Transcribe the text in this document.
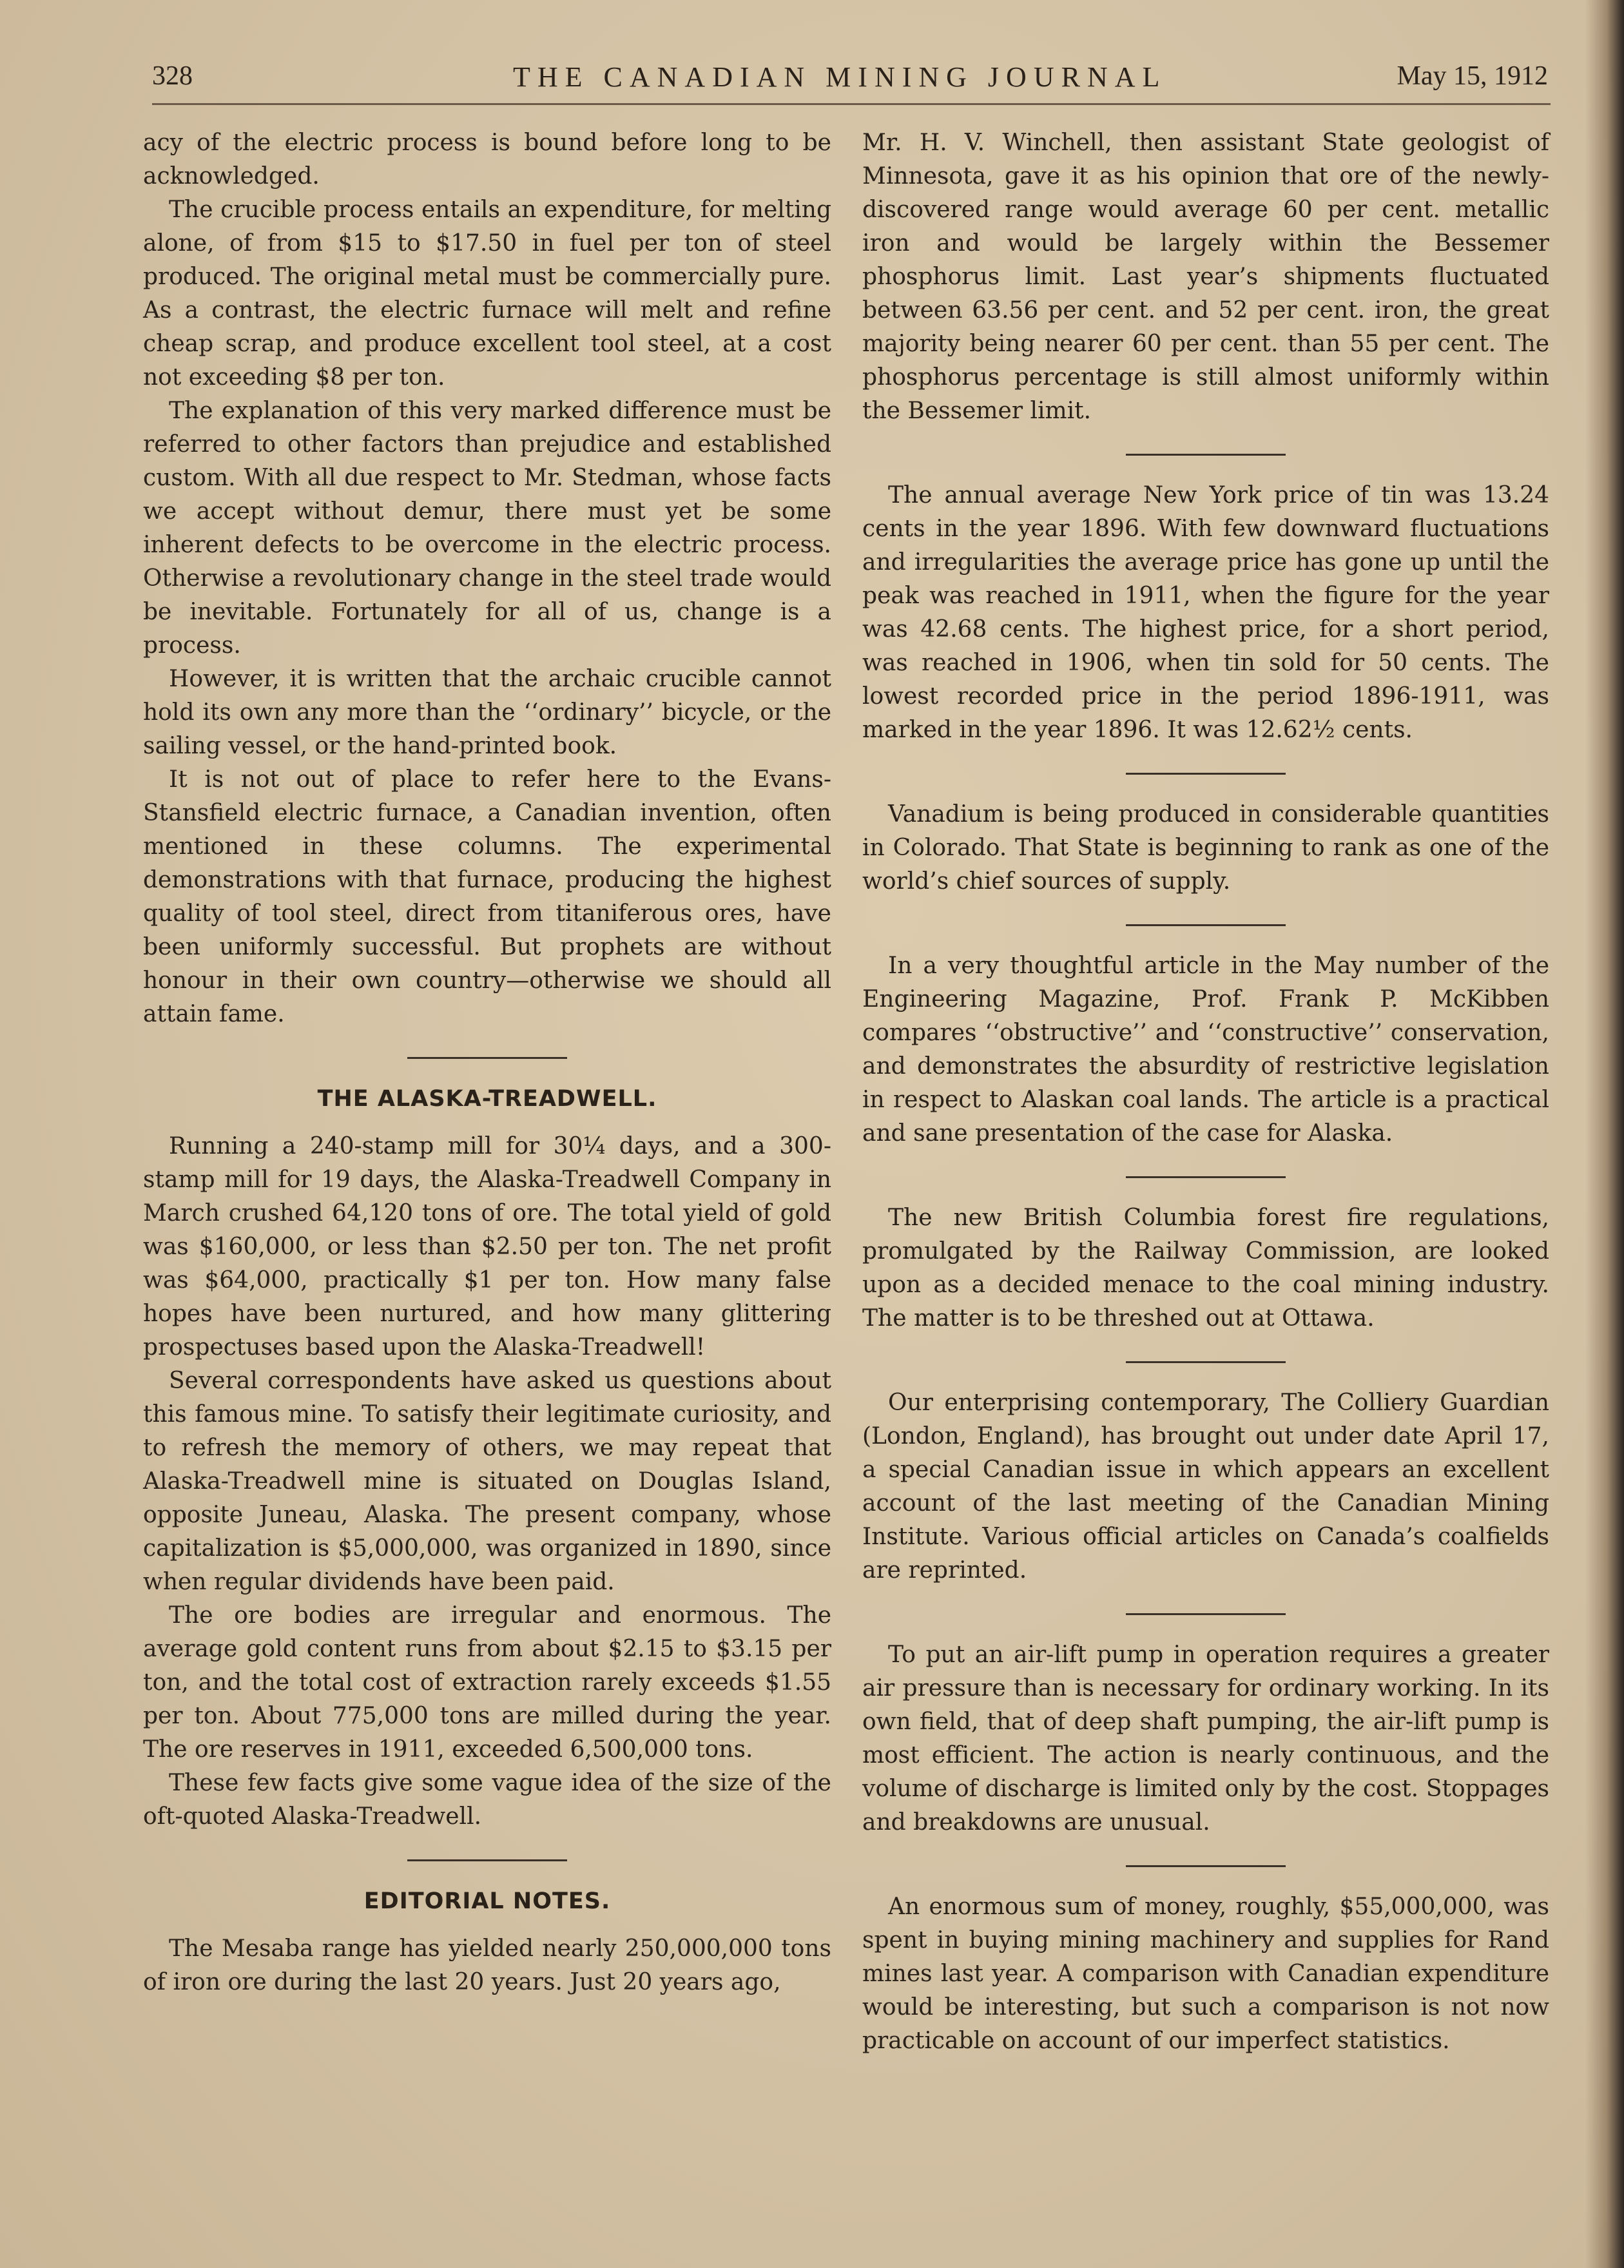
328	THE CANADIAN MINING JOURNAL	May 15, 1912

acy of the electric process is bound before long to be acknowledged.

The crucible process entails an expenditure, for melting alone, of from $15 to $17.50 in fuel per ton of steel produced. The original metal must be commercially pure. As a contrast, the electric furnace will melt and refine cheap scrap, and produce excellent tool steel, at a cost not exceeding $8 per ton.

The explanation of this very marked difference must be referred to other factors than prejudice and established custom. With all due respect to Mr. Stedman, whose facts we accept without demur, there must yet be some inherent defects to be overcome in the electric process. Otherwise a revolutionary change in the steel trade would be inevitable. Fortunately for all of us, change is a process.

However, it is written that the archaic crucible cannot hold its own any more than the ‘‘ordinary’’ bicycle, or the sailing vessel, or the hand-printed book.

It is not out of place to refer here to the Evans-Stansfield electric furnace, a Canadian invention, often mentioned in these columns. The experimental demonstrations with that furnace, producing the highest quality of tool steel, direct from titaniferous ores, have been uniformly successful. But prophets are without honour in their own country—otherwise we should all attain fame.

THE ALASKA-TREADWELL.

Running a 240-stamp mill for 30¼ days, and a 300-stamp mill for 19 days, the Alaska-Treadwell Company in March crushed 64,120 tons of ore. The total yield of gold was $160,000, or less than $2.50 per ton. The net profit was $64,000, practically $1 per ton. How many false hopes have been nurtured, and how many glittering prospectuses based upon the Alaska-Treadwell!

Several correspondents have asked us questions about this famous mine. To satisfy their legitimate curiosity, and to refresh the memory of others, we may repeat that Alaska-Treadwell mine is situated on Douglas Island, opposite Juneau, Alaska. The present company, whose capitalization is $5,000,000, was organized in 1890, since when regular dividends have been paid.

The ore bodies are irregular and enormous. The average gold content runs from about $2.15 to $3.15 per ton, and the total cost of extraction rarely exceeds $1.55 per ton. About 775,000 tons are milled during the year. The ore reserves in 1911, exceeded 6,500,000 tons.

These few facts give some vague idea of the size of the oft-quoted Alaska-Treadwell.

EDITORIAL NOTES.

The Mesaba range has yielded nearly 250,000,000 tons of iron ore during the last 20 years. Just 20 years ago,

Mr. H. V. Winchell, then assistant State geologist of Minnesota, gave it as his opinion that ore of the newly-discovered range would average 60 per cent. metallic iron and would be largely within the Bessemer phosphorus limit. Last year’s shipments fluctuated between 63.56 per cent. and 52 per cent. iron, the great majority being nearer 60 per cent. than 55 per cent. The phosphorus percentage is still almost uniformly within the Bessemer limit.

The annual average New York price of tin was 13.24 cents in the year 1896. With few downward fluctuations and irregularities the average price has gone up until the peak was reached in 1911, when the figure for the year was 42.68 cents. The highest price, for a short period, was reached in 1906, when tin sold for 50 cents. The lowest recorded price in the period 1896-1911, was marked in the year 1896. It was 12.62½ cents.

Vanadium is being produced in considerable quantities in Colorado. That State is beginning to rank as one of the world’s chief sources of supply.

In a very thoughtful article in the May number of the Engineering Magazine, Prof. Frank P. McKibben compares ‘‘obstructive’’ and ‘‘constructive’’ conservation, and demonstrates the absurdity of restrictive legislation in respect to Alaskan coal lands. The article is a practical and sane presentation of the case for Alaska.

The new British Columbia forest fire regulations, promulgated by the Railway Commission, are looked upon as a decided menace to the coal mining industry. The matter is to be threshed out at Ottawa.

Our enterprising contemporary, The Colliery Guardian (London, England), has brought out under date April 17, a special Canadian issue in which appears an excellent account of the last meeting of the Canadian Mining Institute. Various official articles on Canada’s coalfields are reprinted.

To put an air-lift pump in operation requires a greater air pressure than is necessary for ordinary working. In its own field, that of deep shaft pumping, the air-lift pump is most efficient. The action is nearly continuous, and the volume of discharge is limited only by the cost. Stoppages and breakdowns are unusual.

An enormous sum of money, roughly, $55,000,000, was spent in buying mining machinery and supplies for Rand mines last year. A comparison with Canadian expenditure would be interesting, but such a comparison is not now practicable on account of our imperfect statistics.
